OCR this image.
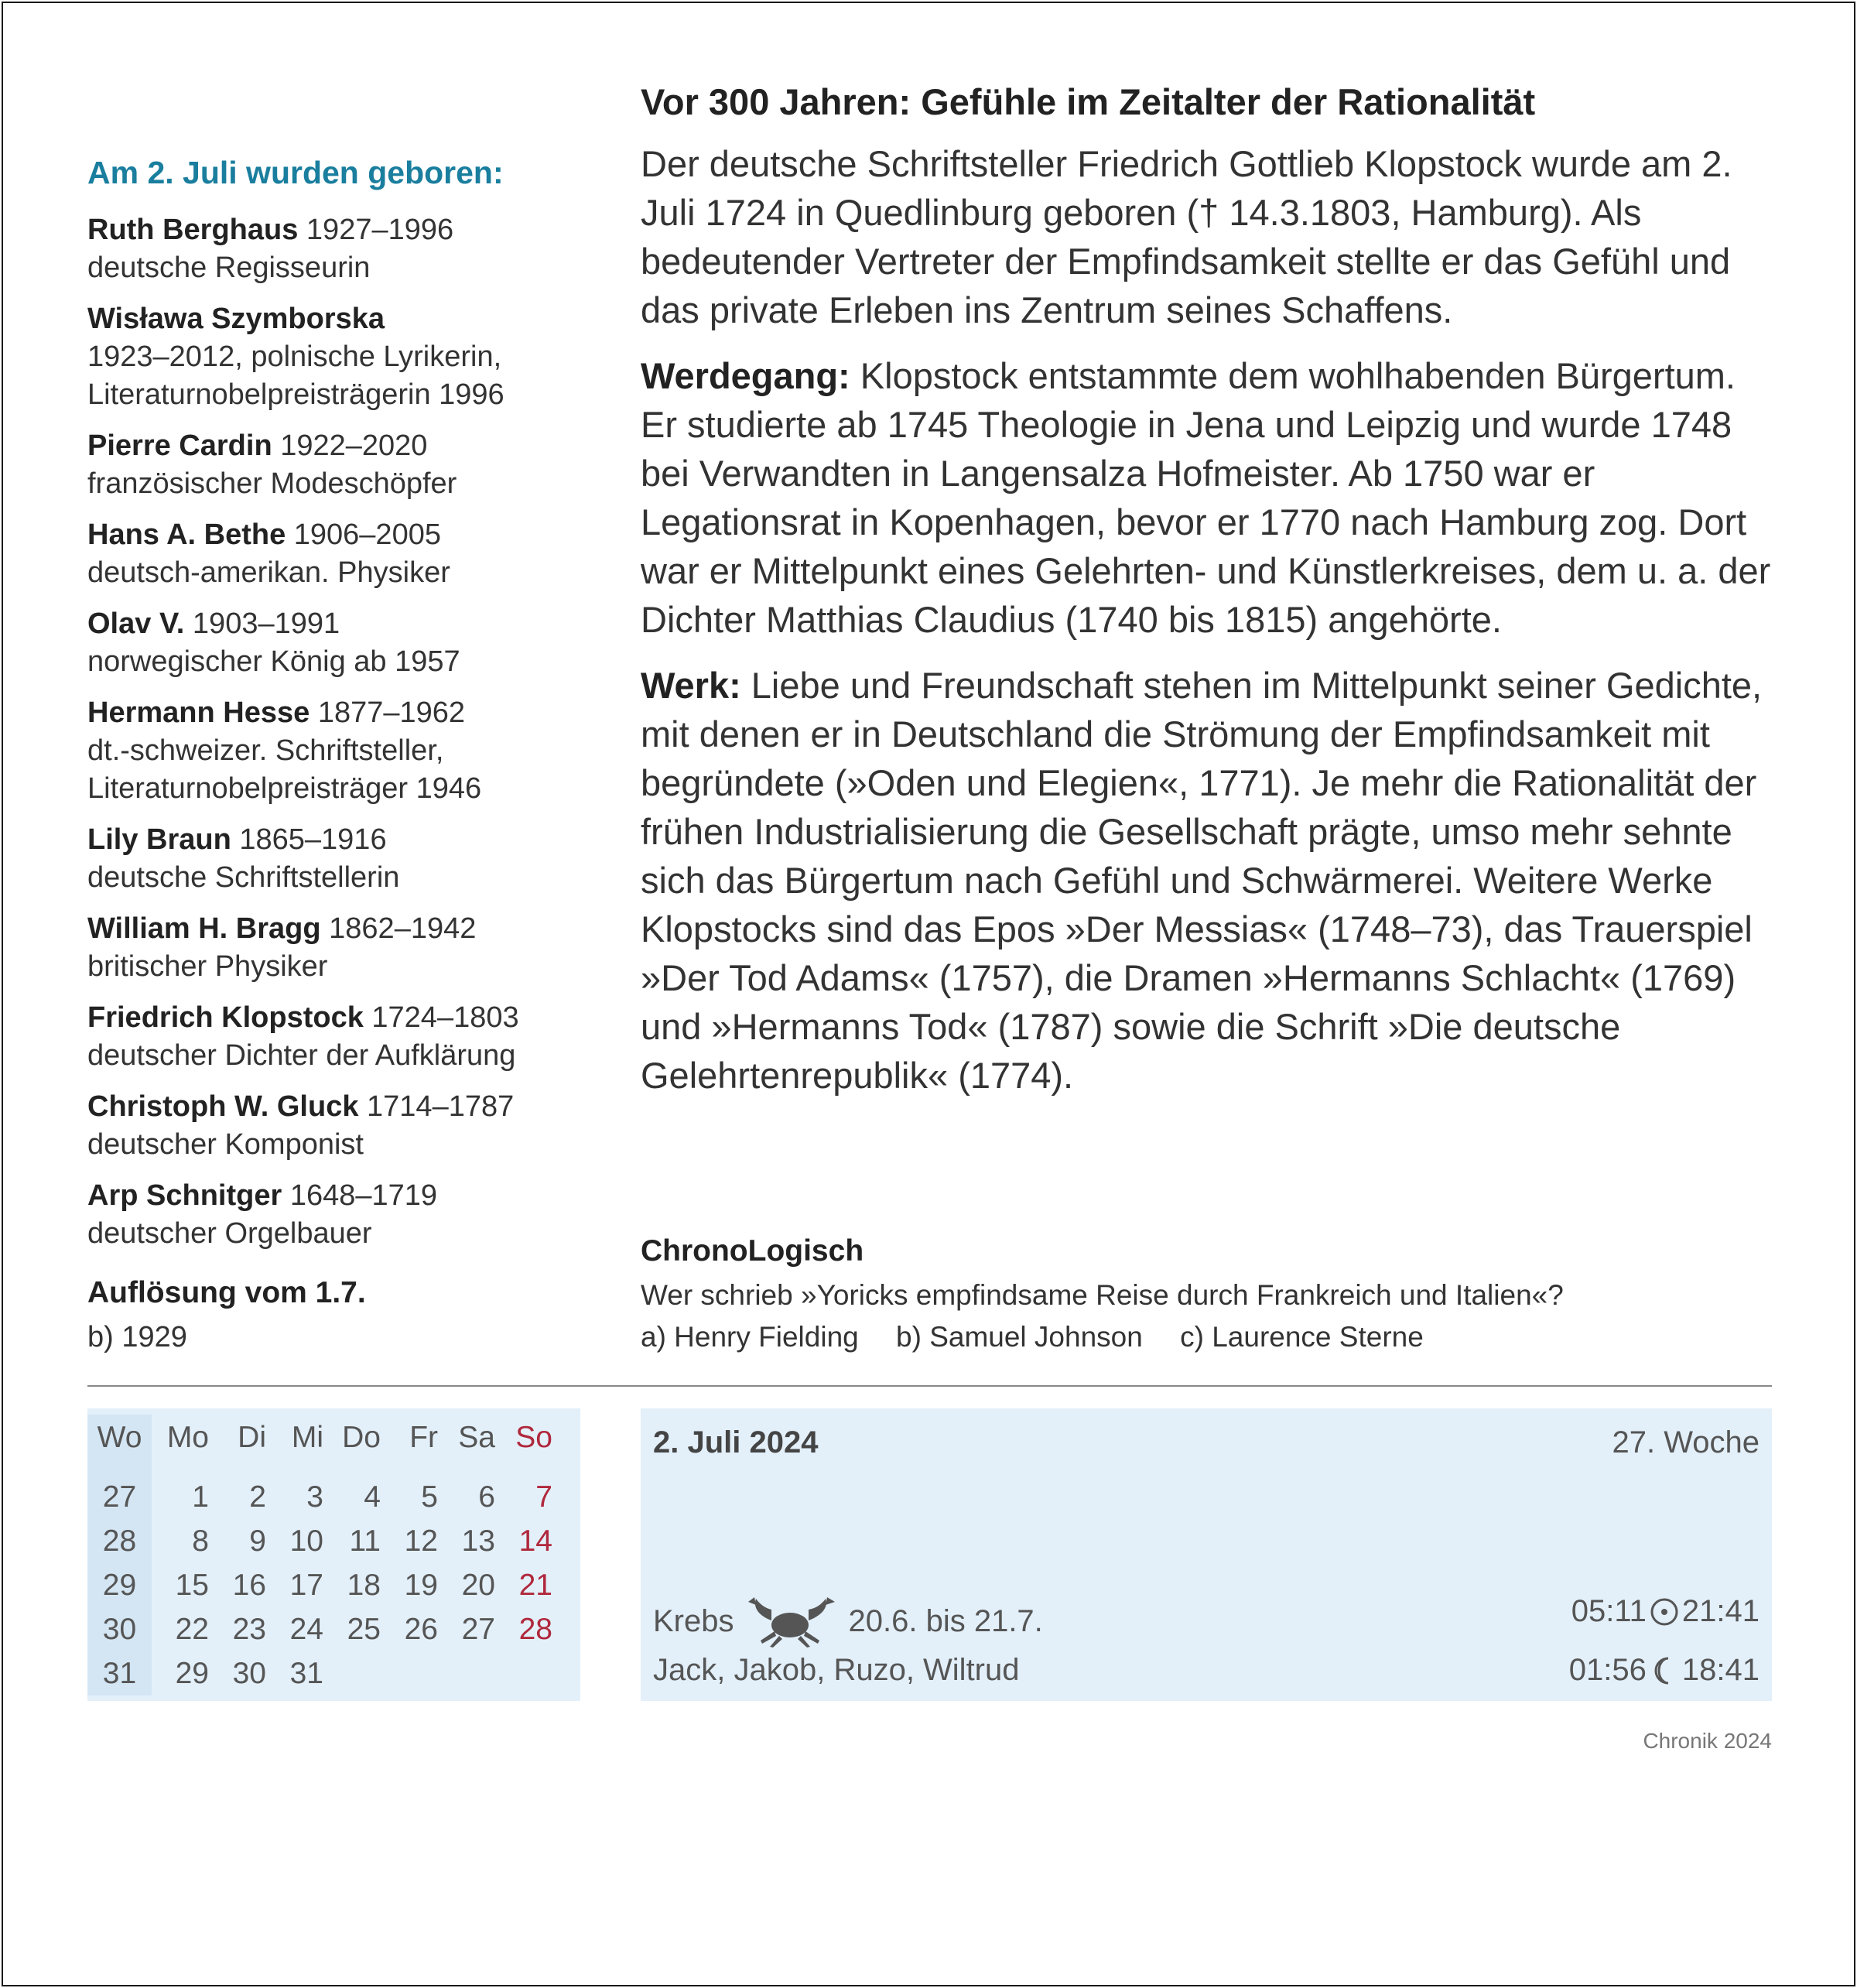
Am 2. Juli wurden geboren:
Ruth Berghaus 1927–1996
deutsche Regisseurin
Wisława Szymborska
1923–2012, polnische Lyrikerin, Literaturnobelpreisträgerin 1996
Pierre Cardin 1922–2020
französischer Modeschöpfer
Hans A. Bethe 1906–2005
deutsch-amerikan. Physiker
Olav V. 1903–1991
norwegischer König ab 1957
Hermann Hesse 1877–1962
dt.-schweizer. Schriftsteller, Literaturnobelpreisträger 1946
Lily Braun 1865–1916
deutsche Schriftstellerin
William H. Bragg 1862–1942
britischer Physiker
Friedrich Klopstock 1724–1803
deutscher Dichter der Aufklärung
Christoph W. Gluck 1714–1787
deutscher Komponist
Arp Schnitger 1648–1719
deutscher Orgelbauer
Auflösung vom 1.7.
b) 1929
Vor 300 Jahren: Gefühle im Zeitalter der Rationalität

Der deutsche Schriftsteller Friedrich Gottlieb Klopstock wurde am 2. Juli 1724 in Quedlinburg geboren († 14.3.1803, Hamburg). Als bedeutender Vertreter der Empfindsamkeit stellte er das Gefühl und das private Erleben ins Zentrum seines Schaffens.

Werdegang: Klopstock entstammte dem wohlhabenden Bürgertum. Er studierte ab 1745 Theologie in Jena und Leipzig und wurde 1748 bei Verwandten in Langensalza Hofmeister. Ab 1750 war er Legationsrat in Kopenhagen, bevor er 1770 nach Hamburg zog. Dort war er Mittelpunkt eines Gelehrten- und Künstlerkreises, dem u. a. der Dichter Matthias Claudius (1740 bis 1815) angehörte.

Werk: Liebe und Freundschaft stehen im Mittelpunkt seiner Gedichte, mit denen er in Deutschland die Strömung der Empfindsamkeit mit begründete (»Oden und Elegien«, 1771). Je mehr die Rationalität der frühen Industrialisierung die Gesellschaft prägte, umso mehr sehnte sich das Bürgertum nach Gefühl und Schwärmerei. Weitere Werke Klopstocks sind das Epos »Der Messias« (1748–73), das Trauerspiel »Der Tod Adams« (1757), die Dramen »Hermanns Schlacht« (1769) und »Hermanns Tod« (1787) sowie die Schrift »Die deutsche Gelehrtenrepublik« (1774).

ChronoLogisch
Wer schrieb »Yoricks empfindsame Reise durch Frankreich und Italien«?
a) Henry Fielding b) Samuel Johnson c) Laurence Sterne
Wo	Mo	Di	Mi	Do	Fr	Sa	So
27	1	2	3	4	5	6	7
28	8	9	10	11	12	13	14
29	15	16	17	18	19	20	21
30	22	23	24	25	26	27	28
31	29	30	31				
2. Juli 2024	27. Woche
Krebs	20.6. bis 21.7.
Jack, Jakob, Ruzo, Wiltrud
05:11 21:41
01:56 18:41
Chronik 2024
